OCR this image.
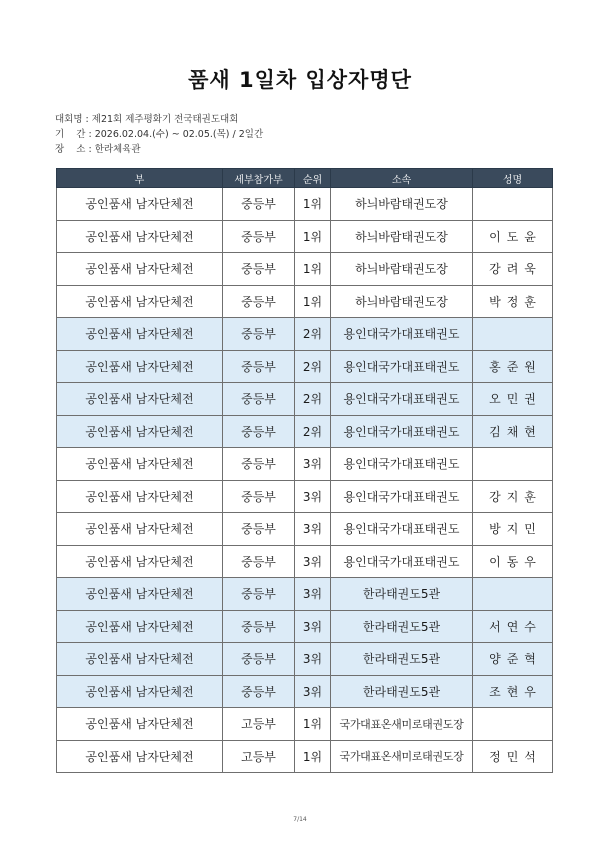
품새 1일차 입상자명단
대회명 : 제21회 제주평화기 전국태권도대회
기    간 : 2026.02.04.(수) ~ 02.05.(목) / 2일간
장    소 : 한라체육관
부	세부참가부	순위	소속	성명
공인품새 남자단체전	중등부	1위	하늬바람태권도장	
공인품새 남자단체전	중등부	1위	하늬바람태권도장	이도윤
공인품새 남자단체전	중등부	1위	하늬바람태권도장	강려욱
공인품새 남자단체전	중등부	1위	하늬바람태권도장	박정훈
공인품새 남자단체전	중등부	2위	용인대국가대표태권도	
공인품새 남자단체전	중등부	2위	용인대국가대표태권도	홍준원
공인품새 남자단체전	중등부	2위	용인대국가대표태권도	오민권
공인품새 남자단체전	중등부	2위	용인대국가대표태권도	김채현
공인품새 남자단체전	중등부	3위	용인대국가대표태권도	
공인품새 남자단체전	중등부	3위	용인대국가대표태권도	강지훈
공인품새 남자단체전	중등부	3위	용인대국가대표태권도	방지민
공인품새 남자단체전	중등부	3위	용인대국가대표태권도	이동우
공인품새 남자단체전	중등부	3위	한라태권도5관	
공인품새 남자단체전	중등부	3위	한라태권도5관	서연수
공인품새 남자단체전	중등부	3위	한라태권도5관	양준혁
공인품새 남자단체전	중등부	3위	한라태권도5관	조현우
공인품새 남자단체전	고등부	1위	국가대표온새미로태권도장	
공인품새 남자단체전	고등부	1위	국가대표온새미로태권도장	정민석
7/14
